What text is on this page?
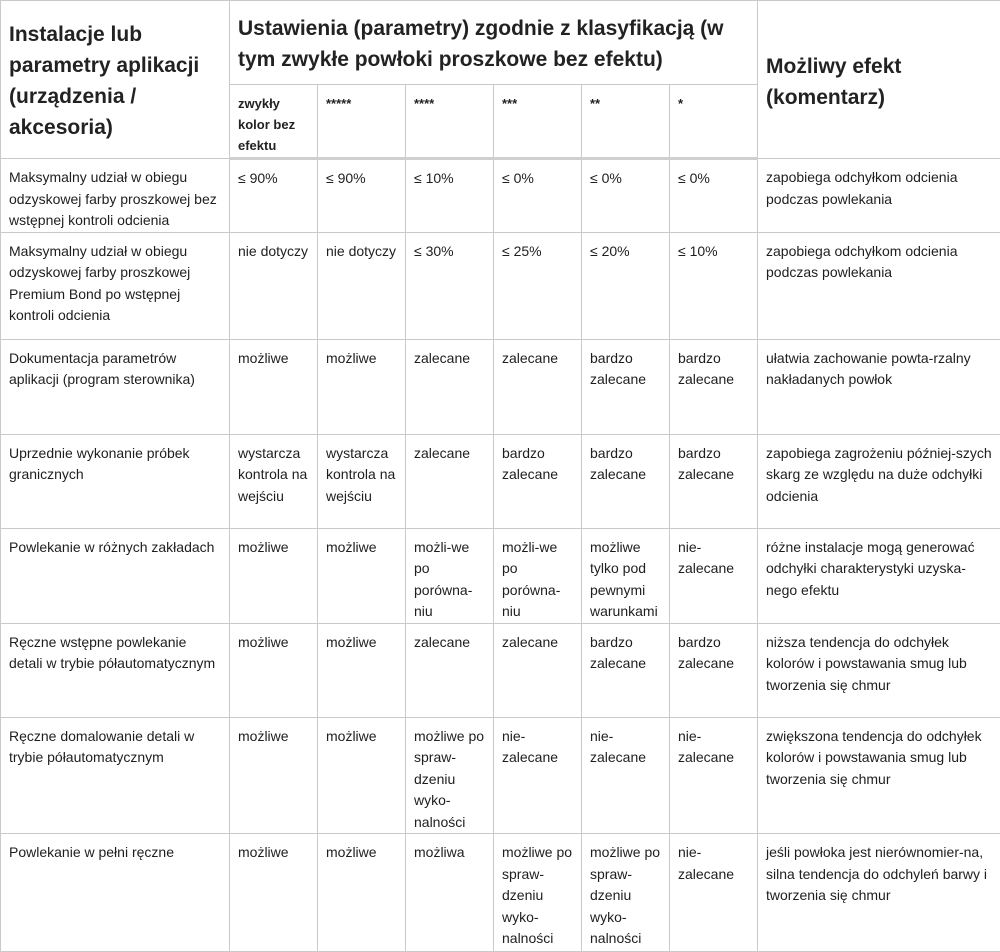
Instalacje lub parametry aplikacji (urządzenia / akcesoria)	Ustawienia (parametry) zgodnie z klasyfikacją (w tym zwykłe powłoki proszkowe bez efektu)						Możliwy efekt (komentarz)
	zwykły kolor bez efektu	*****	****	***	**	*	
Maksymalny udział w obiegu odzyskowej farby proszkowej bez wstępnej kontroli odcienia	≤ 90%	≤ 90%	≤ 10%	≤ 0%	≤ 0%	≤ 0%	zapobiega odchyłkom odcienia podczas powlekania
Maksymalny udział w obiegu odzyskowej farby proszkowej Premium Bond po wstępnej kontroli odcienia	nie dotyczy	nie dotyczy	≤ 30%	≤ 25%	≤ 20%	≤ 10%	zapobiega odchyłkom odcienia podczas powlekania
Dokumentacja parametrów aplikacji (program sterownika)	możliwe	możliwe	zalecane	zalecane	bardzo zalecane	bardzo zalecane	ułatwia zachowanie powta-rzalny nakładanych powłok
Uprzednie wykonanie próbek granicznych	wystarcza kontrola na wejściu	wystarcza kontrola na wejściu	zalecane	bardzo zalecane	bardzo zalecane	bardzo zalecane	zapobiega zagrożeniu później-szych skarg ze względu na duże odchyłki odcienia
Powlekanie w różnych zakładach	możliwe	możliwe	możli-we po porówna-niu	możli-we po porówna-niu	możliwe tylko pod pewnymi warunkami	nie-zalecane	różne instalacje mogą generować odchyłki charakterystyki uzyska-nego efektu
Ręczne wstępne powlekanie detali w trybie półautomatycznym	możliwe	możliwe	zalecane	zalecane	bardzo zalecane	bardzo zalecane	niższa tendencja do odchyłek kolorów i powstawania smug lub tworzenia się chmur
Ręczne domalowanie detali w trybie półautomatycznym	możliwe	możliwe	możliwe po spraw-dzeniu wyko-nalności	nie-zalecane	nie-zalecane	nie-zalecane	zwiększona tendencja do odchyłek kolorów i powstawania smug lub tworzenia się chmur
Powlekanie w pełni ręczne	możliwe	możliwe	możliwa	możliwe po spraw-dzeniu wyko-nalności	możliwe po spraw-dzeniu wyko-nalności	nie-zalecane	jeśli powłoka jest nierównomier-na, silna tendencja do odchyleń barwy i tworzenia się chmur
